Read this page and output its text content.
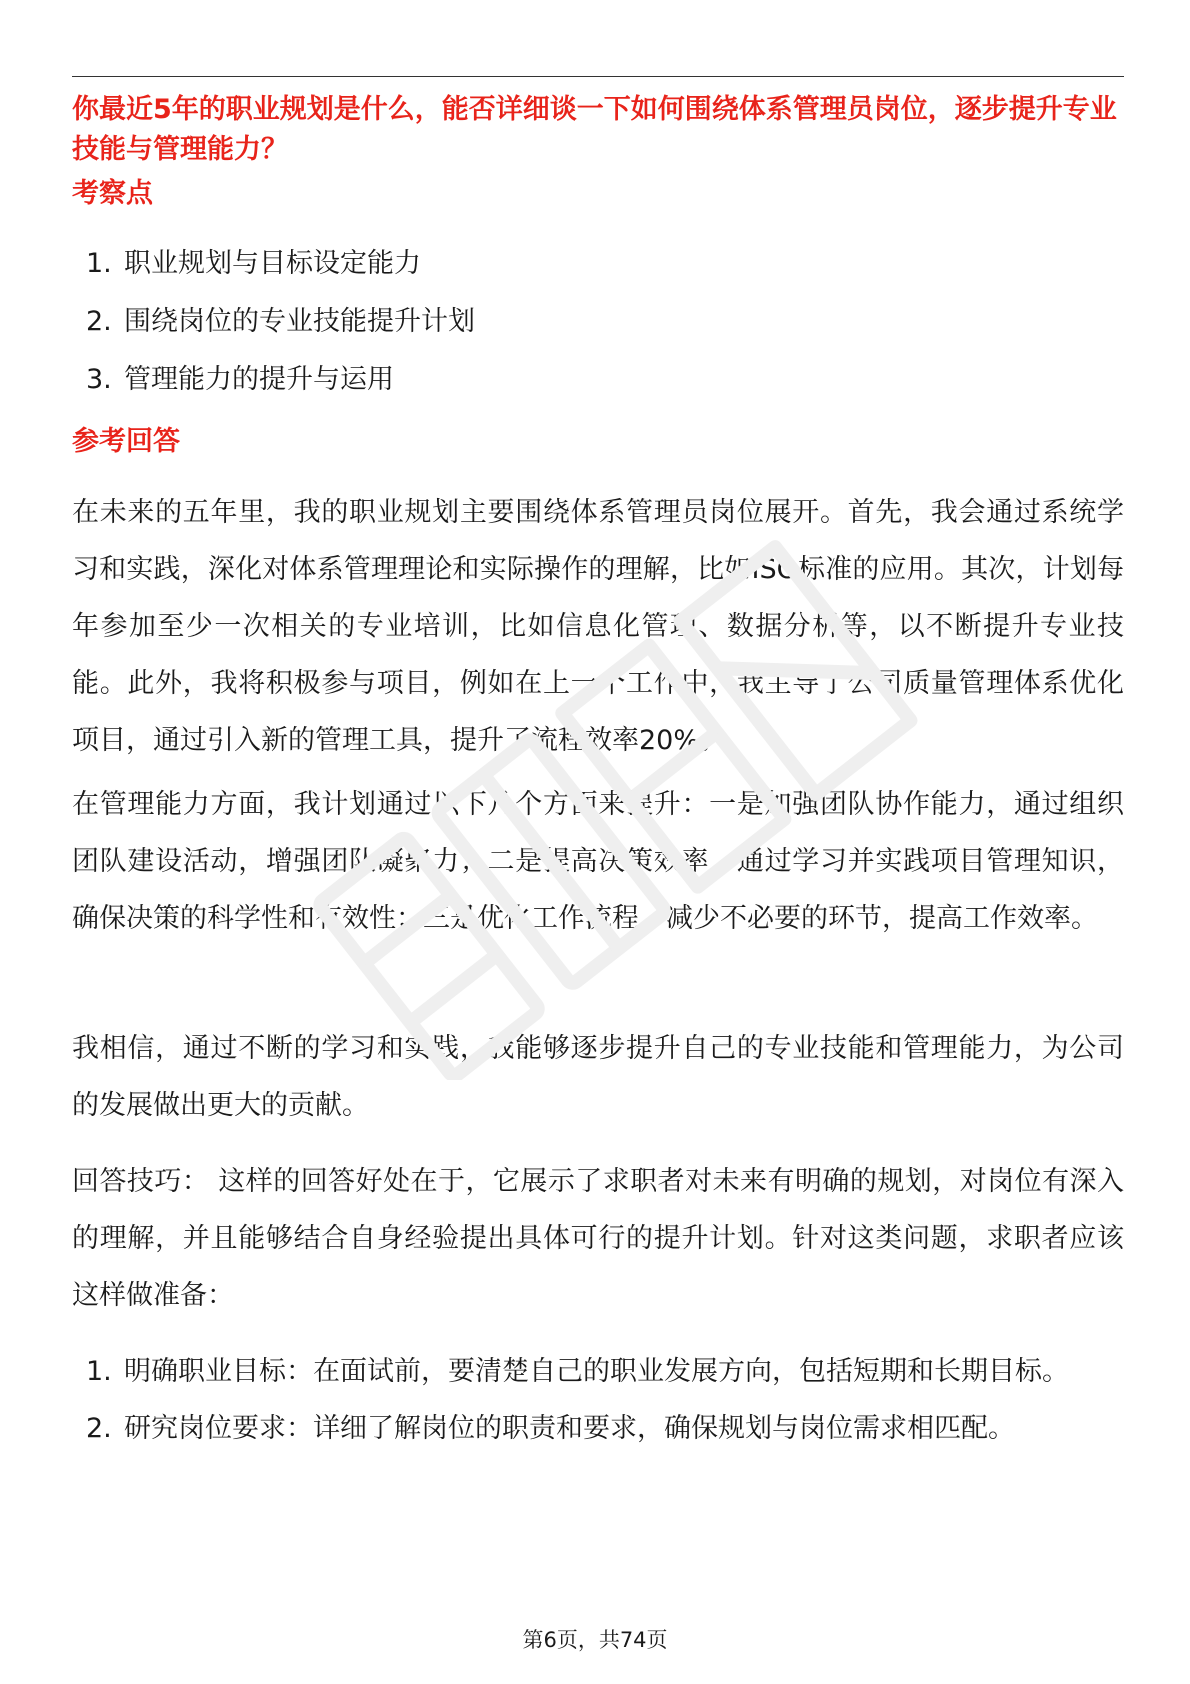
你最近5年的职业规划是什么，能否详细谈一下如何围绕体系管理员岗位，逐步提升专业技能与管理能力？

考察点

1. 职业规划与目标设定能力
2. 围绕岗位的专业技能提升计划
3. 管理能力的提升与运用

参考回答

在未来的五年里，我的职业规划主要围绕体系管理员岗位展开。首先，我会通过系统学习和实践，深化对体系管理理论和实际操作的理解，比如ISO标准的应用。其次，计划每年参加至少一次相关的专业培训，比如信息化管理、数据分析等，以不断提升专业技能。此外，我将积极参与项目，例如在上一个工作中，我主导了公司质量管理体系优化项目，通过引入新的管理工具，提升了流程效率20%。

在管理能力方面，我计划通过以下几个方面来提升：一是加强团队协作能力，通过组织团队建设活动，增强团队凝聚力；二是提高决策效率，通过学习并实践项目管理知识，确保决策的科学性和有效性；三是优化工作流程，减少不必要的环节，提高工作效率。

我相信，通过不断的学习和实践，我能够逐步提升自己的专业技能和管理能力，为公司的发展做出更大的贡献。

回答技巧： 这样的回答好处在于，它展示了求职者对未来有明确的规划，对岗位有深入的理解，并且能够结合自身经验提出具体可行的提升计划。针对这类问题，求职者应该这样做准备：

1. 明确职业目标：在面试前，要清楚自己的职业发展方向，包括短期和长期目标。
2. 研究岗位要求：详细了解岗位的职责和要求，确保规划与岗位需求相匹配。
第6页，共74页
